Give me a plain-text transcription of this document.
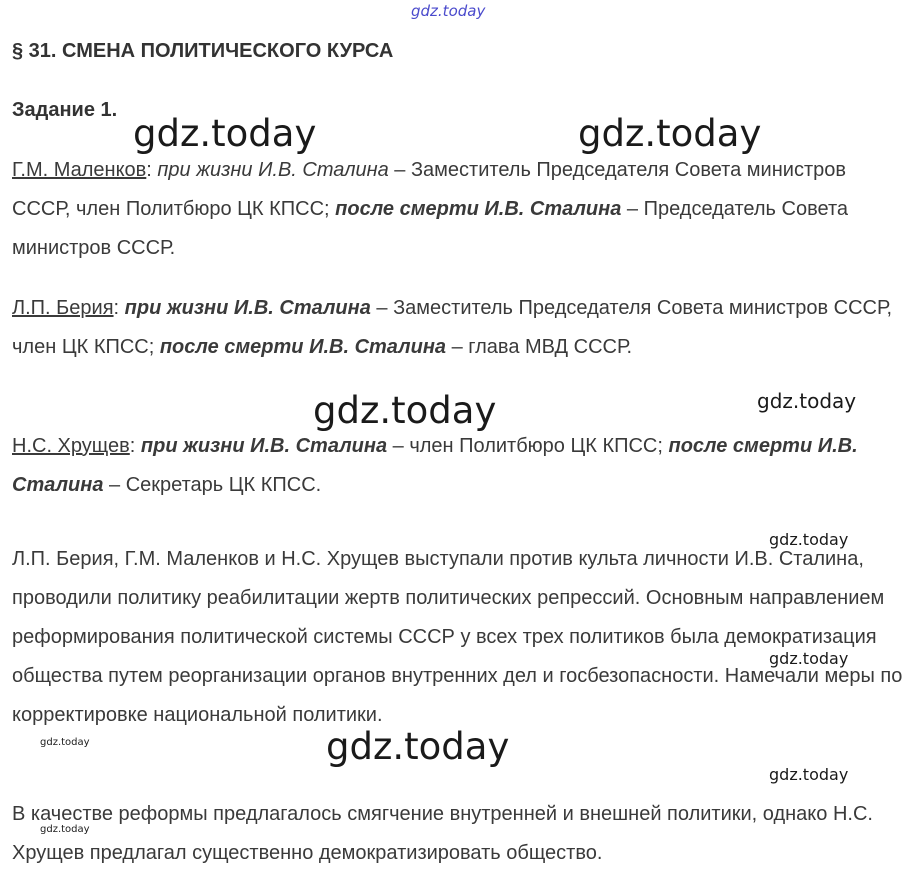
gdz.today
§ 31. СМЕНА ПОЛИТИЧЕСКОГО КУРСА
Задание 1.
Г.М. Маленков: при жизни И.В. Сталина – Заместитель Председателя Совета министров СССР, член Политбюро ЦК КПСС; после смерти И.В. Сталина – Председатель Совета министров СССР.
Л.П. Берия: при жизни И.В. Сталина – Заместитель Председателя Совета министров СССР, член ЦК КПСС; после смерти И.В. Сталина – глава МВД СССР.
Н.С. Хрущев: при жизни И.В. Сталина – член Политбюро ЦК КПСС; после смерти И.В. Сталина – Секретарь ЦК КПСС.
Л.П. Берия, Г.М. Маленков и Н.С. Хрущев выступали против культа личности И.В. Сталина, проводили политику реабилитации жертв политических репрессий. Основным направлением реформирования политической системы СССР у всех трех политиков была демократизация общества путем реорганизации органов внутренних дел и госбезопасности. Намечали меры по корректировке национальной политики.
В качестве реформы предлагалось смягчение внутренней и внешней политики, однако Н.С. Хрущев предлагал существенно демократизировать общество.
gdz.today	gdz.today
gdz.today
gdz.today
gdz.today
gdz.today
gdz.today
gdz.today
gdz.today
gdz.today
